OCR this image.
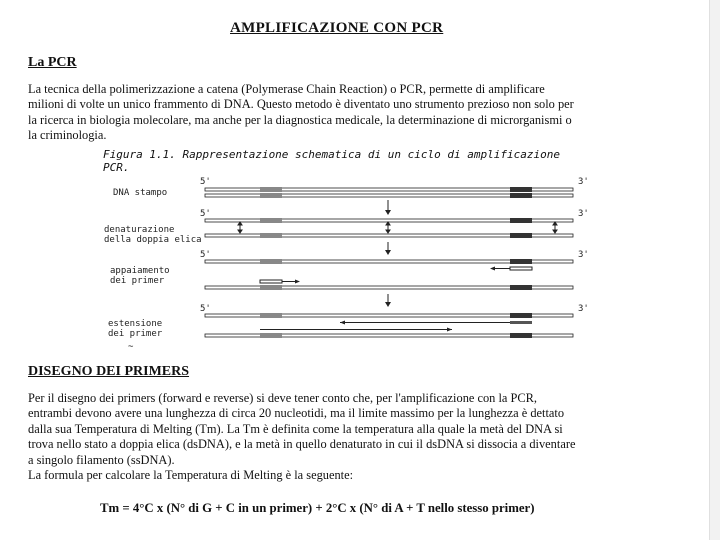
AMPLIFICAZIONE CON PCR
La PCR

La tecnica della polimerizzazione a catena (Polymerase Chain Reaction) o PCR, permette di amplificare

milioni di volte un unico frammento di DNA. Questo metodo è diventato uno strumento prezioso non solo per

la ricerca in biologia molecolare, ma anche per la diagnostica medicale, la determinazione di microrganismi o

la criminologia.

Figura 1.1. Rappresentazione schematica di un ciclo di amplificazione
PCR.
5'	3'
DNA stampo
5'	3'
denaturazione
della doppia elica
5'	3'
appaiamento
dei primer
5'	3'
estensione
dei primer
~
DISEGNO DEI PRIMERS

Per il disegno dei primers (forward e reverse) si deve tener conto che, per l'amplificazione con la PCR,

entrambi devono avere una lunghezza di circa 20 nucleotidi, ma il limite massimo per la lunghezza è dettato

dalla sua Temperatura di Melting (Tm). La Tm è definita come la temperatura alla quale la metà del DNA si

trova nello stato a doppia elica (dsDNA), e la metà in quello denaturato in cui il dsDNA si dissocia a diventare

a singolo filamento (ssDNA).

La formula per calcolare la Temperatura di Melting è la seguente:

Tm = 4°C x (N° di G + C in un primer) + 2°C x (N° di A + T nello stesso primer)
